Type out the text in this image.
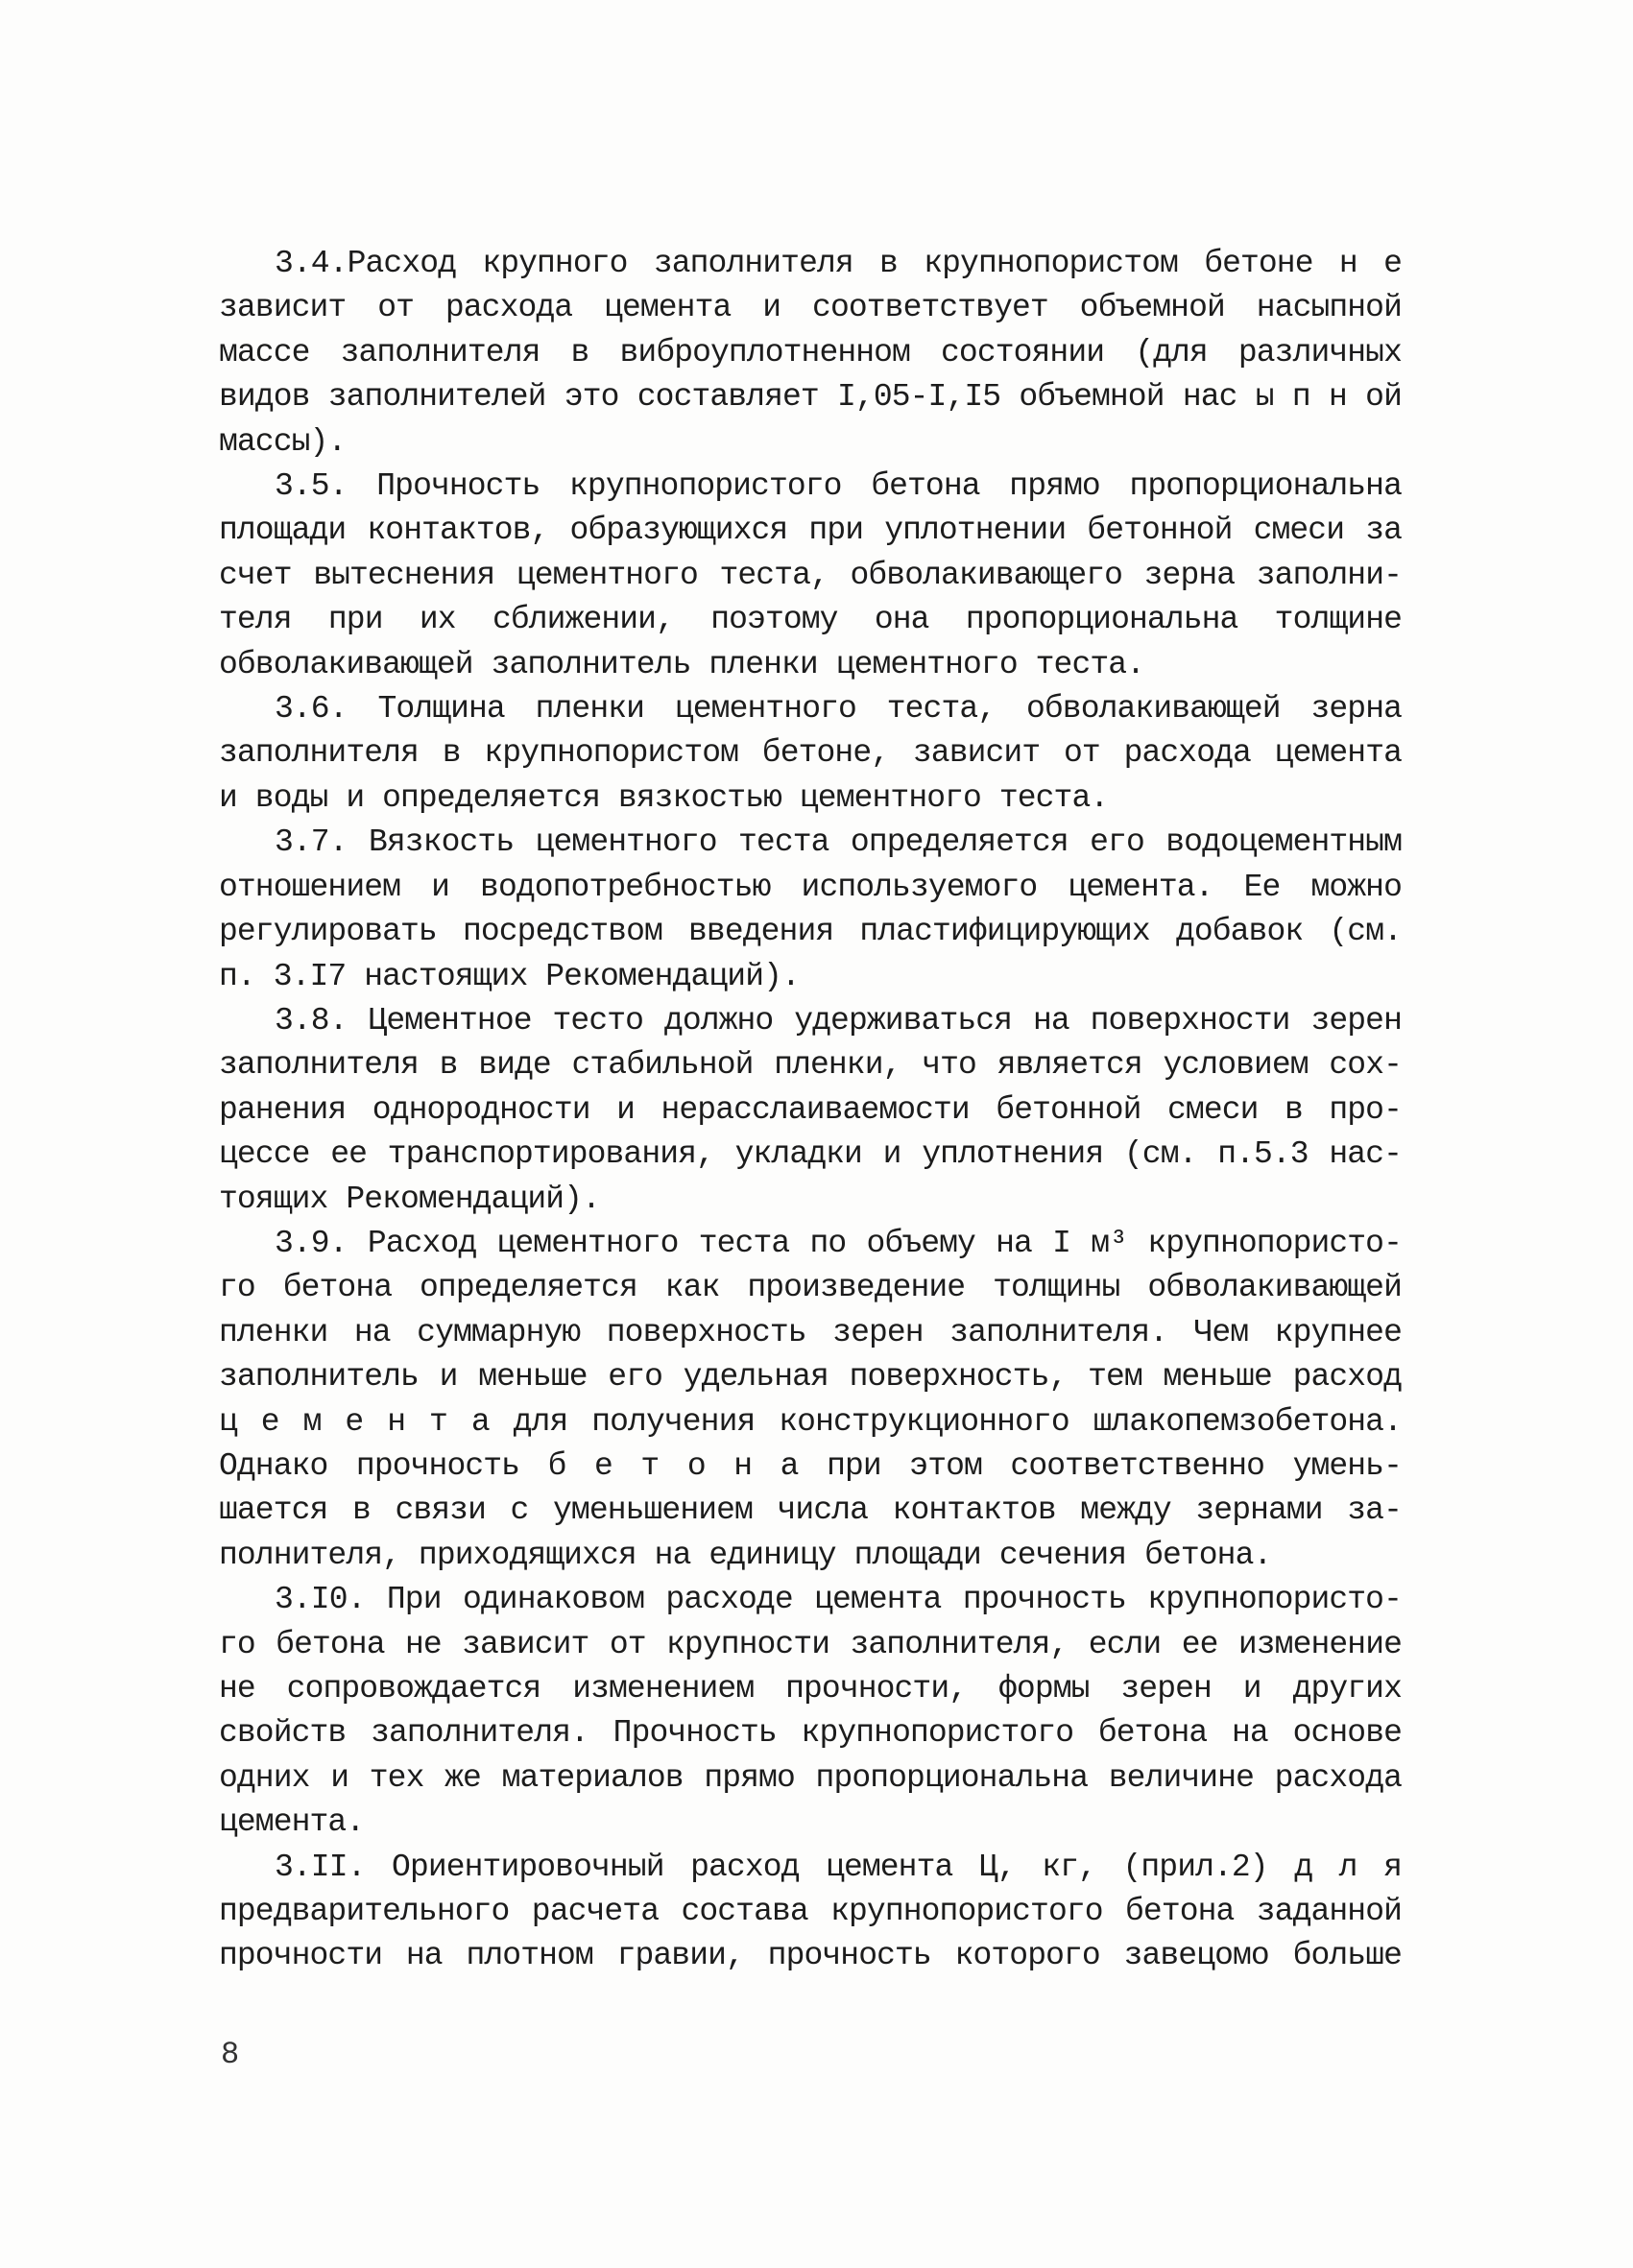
3.4.Расход крупного заполнителя в крупнопористом бетоне н е
зависит от расхода цемента и соответствует объемной насыпной
массе заполнителя в виброуплотненном состоянии (для различных
видов заполнителей это составляет I,05-I,I5 объемной нас ы п н ой
массы).

3.5. Прочность крупнопористого бетона прямо пропорциональна
площади контактов, образующихся при уплотнении бетонной смеси за
счет вытеснения цементного теста, обволакивающего зерна заполни-
теля при их сближении, поэтому она пропорциональна толщине
обволакивающей заполнитель пленки цементного теста.

3.6. Толщина пленки цементного теста, обволакивающей зерна
заполнителя в крупнопористом бетоне, зависит от расхода цемента
и воды и определяется вязкостью цементного теста.

3.7. Вязкость цементного теста определяется его водоцементным
отношением и водопотребностью используемого цемента. Ее можно
регулировать посредством введения пластифицирующих добавок (см.
п. 3.I7 настоящих Рекомендаций).

3.8. Цементное тесто должно удерживаться на поверхности зерен
заполнителя в виде стабильной пленки, что является условием сох-
ранения однородности и нерасслаиваемости бетонной смеси в про-
цессе ее транспортирования, укладки и уплотнения (см. п.5.3 нас-
тоящих Рекомендаций).

3.9. Расход цементного теста по объему на I м³ крупнопористо-
го бетона определяется как произведение толщины обволакивающей
пленки на суммарную поверхность зерен заполнителя. Чем крупнее
заполнитель и меньше его удельная поверхность, тем меньше расход
ц е м е н т а для получения конструкционного шлакопемзобетона.
Однако прочность б е т о н а при этом соответственно умень-
шается в связи с уменьшением числа контактов между зернами за-
полнителя, приходящихся на единицу площади сечения бетона.

3.I0. При одинаковом расходе цемента прочность крупнопористо-
го бетона не зависит от крупности заполнителя, если ее изменение
не сопровождается изменением прочности, формы зерен и других
свойств заполнителя. Прочность крупнопористого бетона на основе
одних и тех же материалов прямо пропорциональна величине расхода
цемента.

3.II. Ориентировочный расход цемента Ц, кг, (прил.2) д л я
предварительного расчета состава крупнопористого бетона заданной
прочности на плотном гравии, прочность которого завецомо больше

8
